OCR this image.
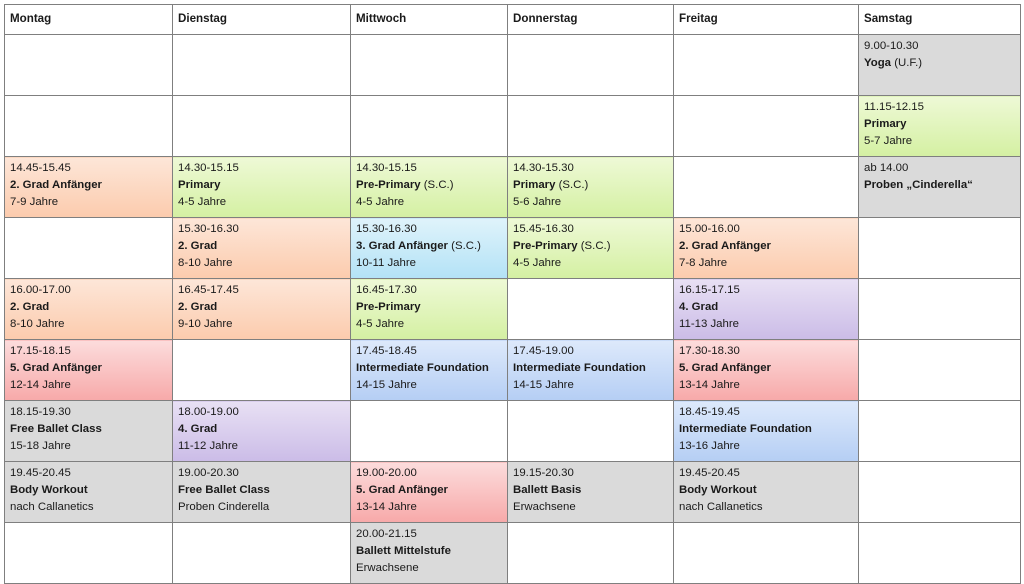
Montag	Dienstag	Mittwoch	Donnerstag	Freitag	Samstag

					9.00-10.30
Yoga (U.F.)

					11.15-12.15
Primary
5-7 Jahre

14.45-15.45
2. Grad Anfänger
7-9 Jahre	14.30-15.15
Primary
4-5 Jahre	14.30-15.15
Pre-Primary (S.C.)
4-5 Jahre	14.30-15.30
Primary (S.C.)
5-6 Jahre		ab 14.00
Proben „Cinderella“

	15.30-16.30
2. Grad
8-10 Jahre	15.30-16.30
3. Grad Anfänger (S.C.)
10-11 Jahre	15.45-16.30
Pre-Primary (S.C.)
4-5 Jahre	15.00-16.00
2. Grad Anfänger
7-8 Jahre	

16.00-17.00
2. Grad
8-10 Jahre	16.45-17.45
2. Grad
9-10 Jahre	16.45-17.30
Pre-Primary
4-5 Jahre		16.15-17.15
4. Grad
11-13 Jahre	

17.15-18.15
5. Grad Anfänger
12-14 Jahre		17.45-18.45
Intermediate Foundation
14-15 Jahre	17.45-19.00
Intermediate Foundation
14-15 Jahre	17.30-18.30
5. Grad Anfänger
13-14 Jahre	

18.15-19.30
Free Ballet Class
15-18 Jahre	18.00-19.00
4. Grad
11-12 Jahre			18.45-19.45
Intermediate Foundation
13-16 Jahre	

19.45-20.45
Body Workout
nach Callanetics	19.00-20.30
Free Ballet Class
Proben Cinderella	19.00-20.00
5. Grad Anfänger
13-14 Jahre	19.15-20.30
Ballett Basis
Erwachsene	19.45-20.45
Body Workout
nach Callanetics	

		20.00-21.15
Ballett Mittelstufe
Erwachsene			
